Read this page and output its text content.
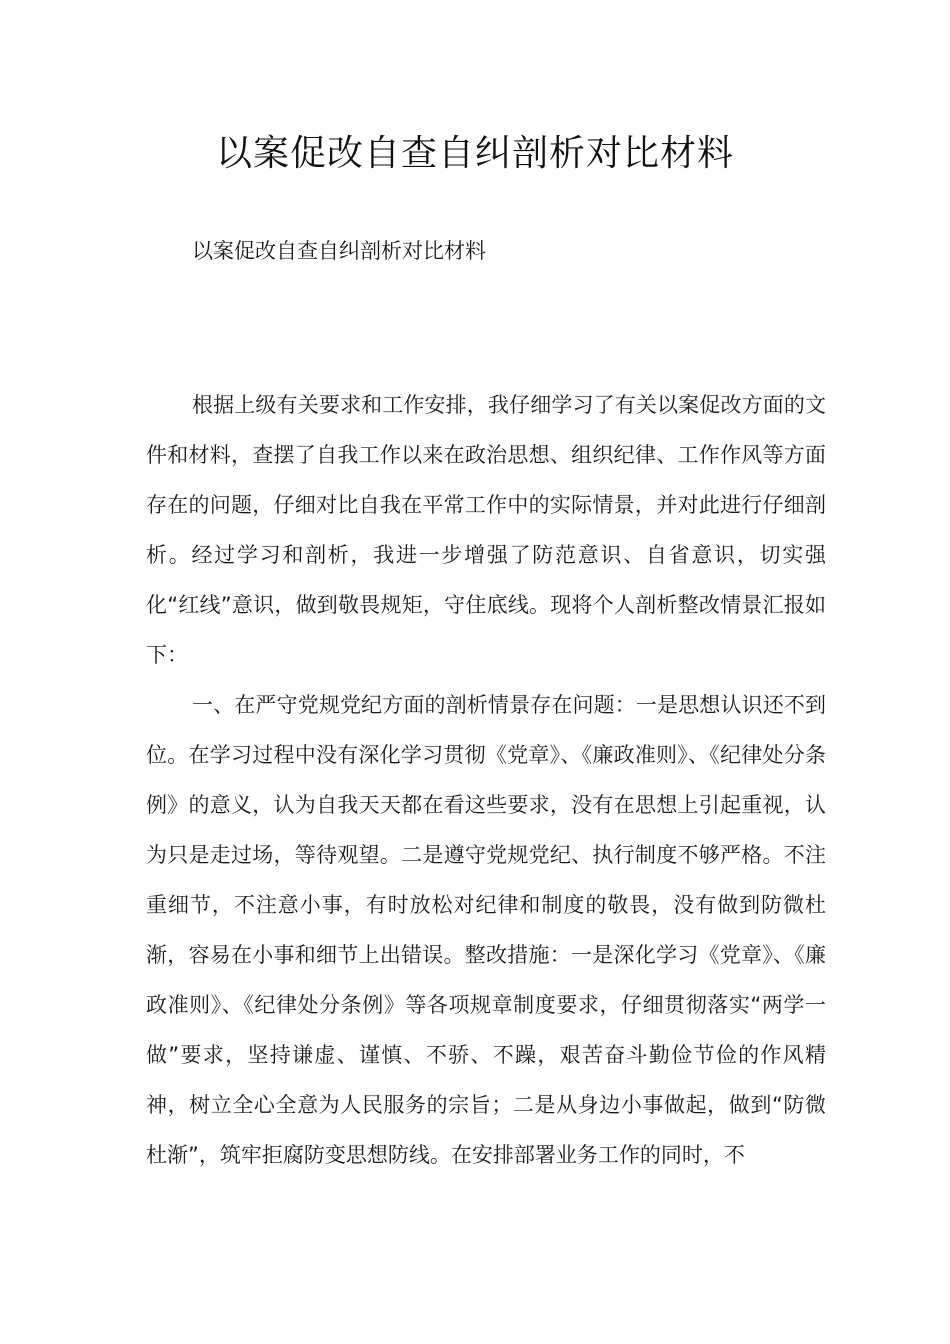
以案促改自查自纠剖析对比材料

以案促改自查自纠剖析对比材料

根据上级有关要求和工作安排，我仔细学习了有关以案促改方面的文件和材料，查摆了自我工作以来在政治思想、组织纪律、工作作风等方面存在的问题，仔细对比自我在平常工作中的实际情景，并对此进行仔细剖析。经过学习和剖析，我进一步增强了防范意识、自省意识，切实强化“红线”意识，做到敬畏规矩，守住底线。现将个人剖析整改情景汇报如下：

一、在严守党规党纪方面的剖析情景存在问题：一是思想认识还不到位。在学习过程中没有深化学习贯彻《党章》、《廉政准则》、《纪律处分条例》的意义，认为自我天天都在看这些要求，没有在思想上引起重视，认为只是走过场，等待观望。二是遵守党规党纪、执行制度不够严格。不注重细节，不注意小事，有时放松对纪律和制度的敬畏，没有做到防微杜渐，容易在小事和细节上出错误。整改措施：一是深化学习《党章》、《廉政准则》、《纪律处分条例》等各项规章制度要求，仔细贯彻落实“两学一做”要求，坚持谦虚、谨慎、不骄、不躁，艰苦奋斗勤俭节俭的作风精神，树立全心全意为人民服务的宗旨；二是从身边小事做起，做到“防微杜渐”，筑牢拒腐防变思想防线。在安排部署业务工作的同时，不
